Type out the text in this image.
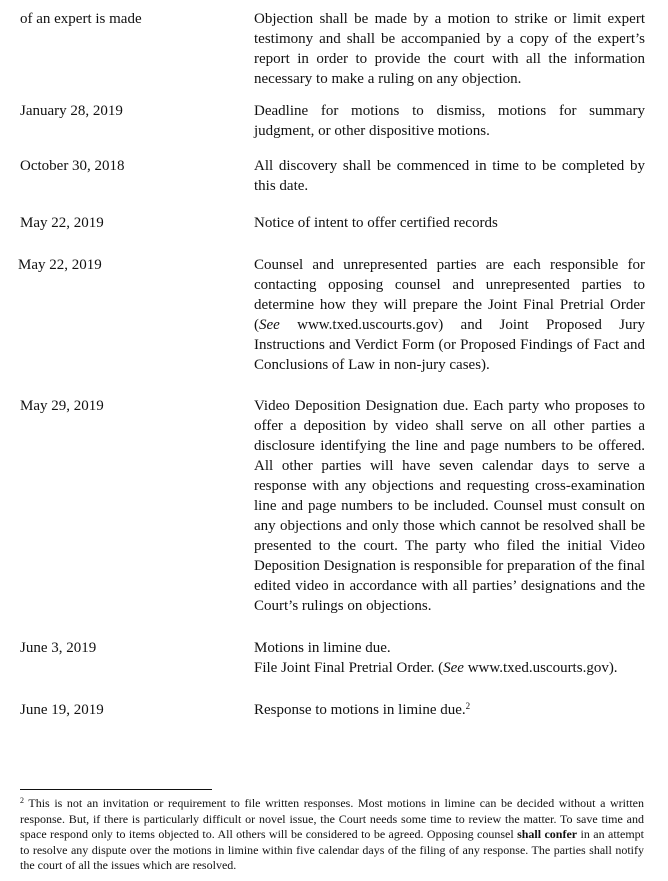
of an expert is made	Objection shall be made by a motion to strike or limit expert testimony and shall be accompanied by a copy of the expert’s report in order to provide the court with all the information necessary to make a ruling on any objection.

January 28, 2019	Deadline for motions to dismiss, motions for summary judgment, or other dispositive motions.

October 30, 2018	All discovery shall be commenced in time to be completed by this date.

May 22, 2019	Notice of intent to offer certified records

May 22, 2019	Counsel and unrepresented parties are each responsible for contacting opposing counsel and unrepresented parties to determine how they will prepare the Joint Final Pretrial Order (See www.txed.uscourts.gov) and Joint Proposed Jury Instructions and Verdict Form (or Proposed Findings of Fact and Conclusions of Law in non-jury cases).

May 29, 2019	Video Deposition Designation due. Each party who proposes to offer a deposition by video shall serve on all other parties a disclosure identifying the line and page numbers to be offered. All other parties will have seven calendar days to serve a response with any objections and requesting cross-examination line and page numbers to be included. Counsel must consult on any objections and only those which cannot be resolved shall be presented to the court. The party who filed the initial Video Deposition Designation is responsible for preparation of the final edited video in accordance with all parties’ designations and the Court’s rulings on objections.

June 3, 2019	Motions in limine due.
File Joint Final Pretrial Order. (See www.txed.uscourts.gov).
June 19, 2019	Response to motions in limine due.$^2$
$^2$ This is not an invitation or requirement to file written responses. Most motions in limine can be decided without a written response. But, if there is particularly difficult or novel issue, the Court needs some time to review the matter. To save time and space respond only to items objected to. All others will be considered to be agreed. Opposing counsel shall confer in an attempt to resolve any dispute over the motions in limine within five calendar days of the filing of any response. The parties shall notify the court of all the issues which are resolved.
